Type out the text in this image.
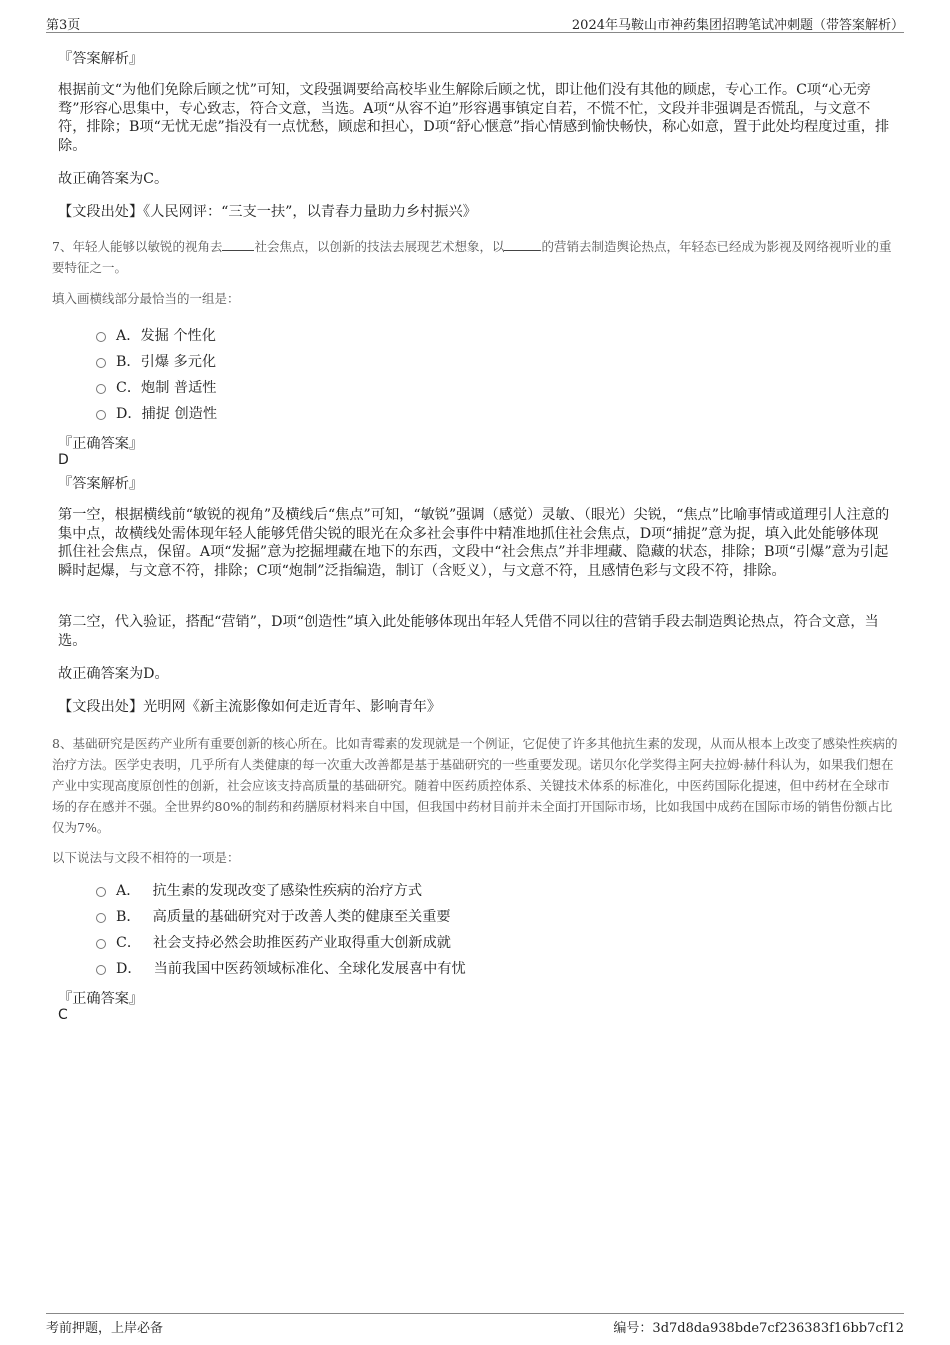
第3页	2024年马鞍山市神药集团招聘笔试冲刺题（带答案解析）
『答案解析』
根据前文“为他们免除后顾之忧”可知，文段强调要给高校毕业生解除后顾之忧，即让他们没有其他的顾虑，专心工作。C项“心无旁骛”形容心思集中，专心致志，符合文意，当选。A项“从容不迫”形容遇事镇定自若，不慌不忙，文段并非强调是否慌乱，与文意不符，排除；B项“无忧无虑”指没有一点忧愁，顾虑和担心，D项“舒心惬意”指心情感到愉快畅快，称心如意，置于此处均程度过重，排除。
故正确答案为C。
【文段出处】《人民网评：“三支一扶”，以青春力量助力乡村振兴》
7、年轻人能够以敏锐的视角去	社会焦点，以创新的技法去展现艺术想象，以	的营销去制造舆论热点，年轻态已经成为影视及网络视听业的重要特征之一。
填入画横线部分最恰当的一组是：
A．发掘 个性化
B．引爆 多元化
C．炮制 普适性
D．捕捉 创造性
『正确答案』
D
『答案解析』
第一空，根据横线前“敏锐的视角”及横线后“焦点”可知，“敏锐”强调（感觉）灵敏、（眼光）尖锐，“焦点”比喻事情或道理引人注意的集中点，故横线处需体现年轻人能够凭借尖锐的眼光在众多社会事件中精准地抓住社会焦点，D项“捕捉”意为捉，填入此处能够体现抓住社会焦点，保留。A项“发掘”意为挖掘埋藏在地下的东西，文段中“社会焦点”并非埋藏、隐藏的状态，排除；B项“引爆”意为引起瞬时起爆，与文意不符，排除；C项“炮制”泛指编造，制订（含贬义），与文意不符，且感情色彩与文段不符，排除。
第二空，代入验证，搭配“营销”，D项“创造性”填入此处能够体现出年轻人凭借不同以往的营销手段去制造舆论热点，符合文意，当选。
故正确答案为D。
【文段出处】光明网《新主流影像如何走近青年、影响青年》
8、基础研究是医药产业所有重要创新的核心所在。比如青霉素的发现就是一个例证，它促使了许多其他抗生素的发现，从而从根本上改变了感染性疾病的治疗方法。医学史表明，几乎所有人类健康的每一次重大改善都是基于基础研究的一些重要发现。诺贝尔化学奖得主阿夫拉姆·赫什科认为，如果我们想在产业中实现高度原创性的创新，社会应该支持高质量的基础研究。随着中医药质控体系、关键技术体系的标准化，中医药国际化提速，但中药材在全球市场的存在感并不强。全世界约80%的制药和药膳原材料来自中国，但我国中药材目前并未全面打开国际市场，比如我国中成药在国际市场的销售份额占比仅为7%。
以下说法与文段不相符的一项是：
A． 抗生素的发现改变了感染性疾病的治疗方式
B． 高质量的基础研究对于改善人类的健康至关重要
C． 社会支持必然会助推医药产业取得重大创新成就
D． 当前我国中医药领域标准化、全球化发展喜中有忧
『正确答案』
C
考前押题，上岸必备	编号：3d7d8da938bde7cf236383f16bb7cf12
